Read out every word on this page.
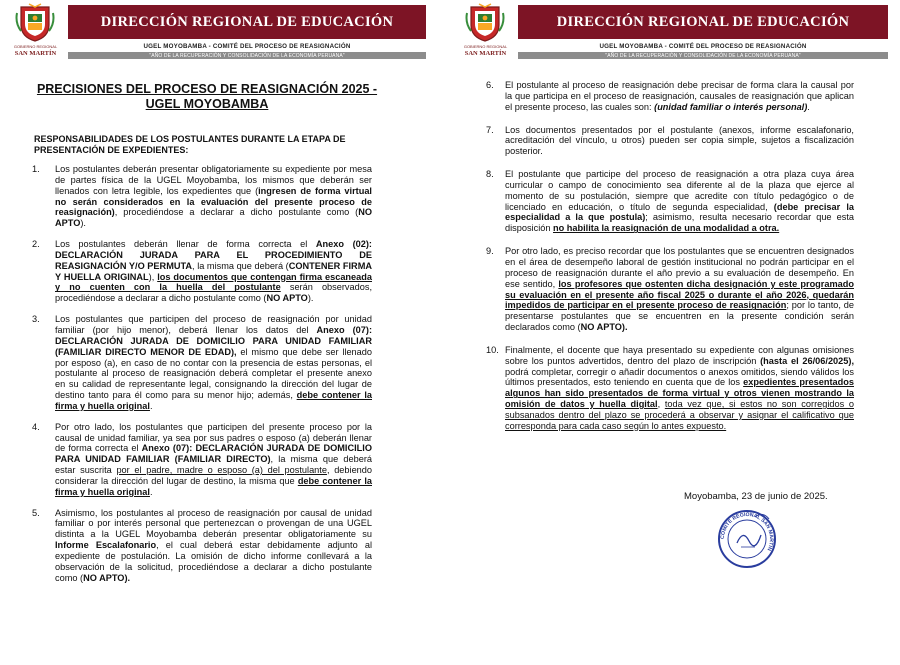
GOBIERNO REGIONAL
SAN MARTÍN
DIRECCIÓN REGIONAL DE EDUCACIÓN
UGEL MOYOBAMBA - COMITÉ DEL PROCESO DE REASIGNACIÓN
"AÑO DE LA RECUPERACIÓN Y CONSOLIDACIÓN DE LA ECONOMÍA PERUANA"
PRECISIONES DEL PROCESO DE REASIGNACIÓN 2025 -
UGEL MOYOBAMBA
RESPONSABILIDADES DE LOS POSTULANTES DURANTE LA ETAPA DE PRESENTACIÓN DE EXPEDIENTES:
1. Los postulantes deberán presentar obligatoriamente su expediente por mesa de partes física de la UGEL Moyobamba, los mismos que deberán ser llenados con letra legible, los expedientes que (ingresen de forma virtual no serán considerados en la evaluación del presente proceso de reasignación), procediéndose a declarar a dicho postulante como (NO APTO).
2. Los postulantes deberán llenar de forma correcta el Anexo (02): DECLARACIÓN JURADA PARA EL PROCEDIMIENTO DE REASIGNACIÓN Y/O PERMUTA, la misma que deberá (CONTENER FIRMA Y HUELLA ORIGINAL), los documentos que contengan firma escaneada y no cuenten con la huella del postulante serán observados, procediéndose a declarar a dicho postulante como (NO APTO).
3. Los postulantes que participen del proceso de reasignación por unidad familiar (por hijo menor), deberá llenar los datos del Anexo (07): DECLARACIÓN JURADA DE DOMICILIO PARA UNIDAD FAMILIAR (FAMILIAR DIRECTO MENOR DE EDAD), el mismo que debe ser llenado por esposo (a), en caso de no contar con la presencia de estas personas, el postulante al proceso de reasignación deberá completar el presente anexo en su calidad de representante legal, consignando la dirección del lugar de destino tanto para él como para su menor hijo; además, debe contener la firma y huella original.
4. Por otro lado, los postulantes que participen del presente proceso por la causal de unidad familiar, ya sea por sus padres o esposo (a) deberán llenar de forma correcta el Anexo (07): DECLARACIÓN JURADA DE DOMICILIO PARA UNIDAD FAMILIAR (FAMILIAR DIRECTO), la misma que deberá estar suscrita por el padre, madre o esposo (a) del postulante, debiendo considerar la dirección del lugar de destino, la misma que debe contener la firma y huella original.
5. Asimismo, los postulantes al proceso de reasignación por causal de unidad familiar o por interés personal que pertenezcan o provengan de una UGEL distinta a la UGEL Moyobamba deberán presentar obligatoriamente su Informe Escalafonario, el cual deberá estar debidamente adjunto al expediente de postulación. La omisión de dicho informe conllevará a la observación de la solicitud, procediéndose a declarar a dicho postulante como (NO APTO).
GOBIERNO REGIONAL
SAN MARTÍN
DIRECCIÓN REGIONAL DE EDUCACIÓN
UGEL MOYOBAMBA - COMITÉ DEL PROCESO DE REASIGNACIÓN
"AÑO DE LA RECUPERACIÓN Y CONSOLIDACIÓN DE LA ECONOMÍA PERUANA"
6. El postulante al proceso de reasignación debe precisar de forma clara la causal por la que participa en el proceso de reasignación, causales de reasignación que aplican el presente proceso, las cuales son: (unidad familiar o interés personal).
7. Los documentos presentados por el postulante (anexos, informe escalafonario, acreditación del vínculo, u otros) pueden ser copia simple, sujetos a fiscalización posterior.
8. El postulante que participe del proceso de reasignación a otra plaza cuya área curricular o campo de conocimiento sea diferente al de la plaza que ejerce al momento de su postulación, siempre que acredite con título pedagógico o de licenciado en educación, o título de segunda especialidad, (debe precisar la especialidad a la que postula); asimismo, resulta necesario recordar que esta disposición no habilita la reasignación de una modalidad a otra.
9. Por otro lado, es preciso recordar que los postulantes que se encuentren designados en el área de desempeño laboral de gestión institucional no podrán participar en el proceso de reasignación durante el año previo a su evaluación de desempeño. En ese sentido, los profesores que ostenten dicha designación y este programado su evaluación en el presente año fiscal 2025 o durante el año 2026, quedarán impedidos de participar en el presente proceso de reasignación; por lo tanto, de presentarse postulantes que se encuentren en la presente condición serán declarados como (NO APTO).
10. Finalmente, el docente que haya presentado su expediente con algunas omisiones sobre los puntos advertidos, dentro del plazo de inscripción (hasta el 26/06/2025), podrá completar, corregir o añadir documentos o anexos omitidos, siendo válidos los últimos presentados, esto teniendo en cuenta que de los expedientes presentados algunos han sido presentados de forma virtual y otros vienen mostrando la omisión de datos y huella digital, toda vez que, si estos no son corregidos o subsanados dentro del plazo se procederá a observar y asignar el calificativo que corresponda para cada caso según lo antes expuesto.
Moyobamba, 23 de junio de 2025.
COMITÉ REGIONAL SAN MARTÍN
